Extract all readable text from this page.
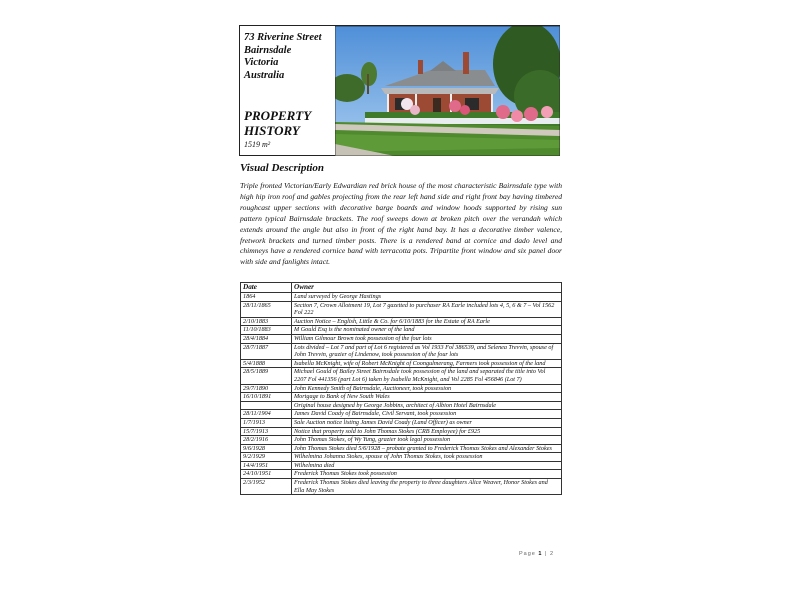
73 Riverine Street
Bairnsdale
Victoria
Australia
PROPERTY
HISTORY
1519 m²
Visual Description
Triple fronted Victorian/Early Edwardian red brick house of the most characteristic Bairnsdale type with high hip iron roof and gables projecting from the rear left hand side and right front bay having timbered roughcast upper sections with decorative barge boards and window hoods supported by rising sun pattern typical Bairnsdale brackets. The roof sweeps down at broken pitch over the verandah which extends around the angle but also in front of the right hand bay. It has a decorative timber valence, fretwork brackets and turned timber posts. There is a rendered band at cornice and dado level and chimneys have a rendered cornice band with terracotta pots. Tripartite front window and six panel door with side and fanlights intact.
Date	Owner
1864	Land surveyed by George Hastings
28/11/1865	Section 7, Crown Allotment 19, Lot 7 gazetted to purchaser RA Earle included lots 4, 5, 6 & 7 – Vol 1562 Fol 222
2/10/1883	Auction Notice – English, Little & Co. for 6/10/1883 for the Estate of RA Earle
11/10/1883	M Gould Esq is the nominated owner of the land
28/4/1884	William Gilmour Brown took possession of the four lots
28/7/1887	Lots divided – Lot 7 and part of Lot 6 registered as Vol 1933 Fol 386539, and Selenea Trevvin, spouse of John Trevvin, grazier of Lindenow, took possession of the four lots
5/4/1888	Isabella McKnight, wife of Robert McKnight of Coongulmerang, Farmers took possession of the land
28/5/1889	Michael Gould of Bailey Street Bairnsdale took possession of the land and separated the title into Vol 2207 Fol 441356 (part Lot 6) taken by Isabella McKnight, and Vol 2285 Fol 456846 (Lot 7)
29/7/1890	John Kennedy Smith of Bairnsdale, Auctioneer, took possession
16/10/1891	Mortgage to Bank of New South Wales
	Original house designed by George Jobbins, architect of Albion Hotel Bairnsdale
28/11/1904	James David Coady of Bairnsdale, Civil Servant, took possession
1/7/1913	Sale Auction notice listing James David Coady (Land Officer) as owner
15/7/1913	Notice that property sold to John Thomas Stokes (CRB Employee) for £925
28/2/1916	John Thomas Stokes, of Wy Yung, grazier took legal possession
9/6/1928	John Thomas Stokes died 5/6/1928 – probate granted to Frederick Thomas Stokes and Alexander Stokes
9/2/1929	Wilhelmina Johanna Stokes, spouse of John Thomas Stokes, took possession
14/4/1951	Wilhelmina died
24/10/1951	Frederick Thomas Stokes took possession
2/3/1952	Frederick Thomas Stokes died leaving the property to three daughters Alice Weaver, Honor Stokes and Ella May Stokes
Page 1 | 2
